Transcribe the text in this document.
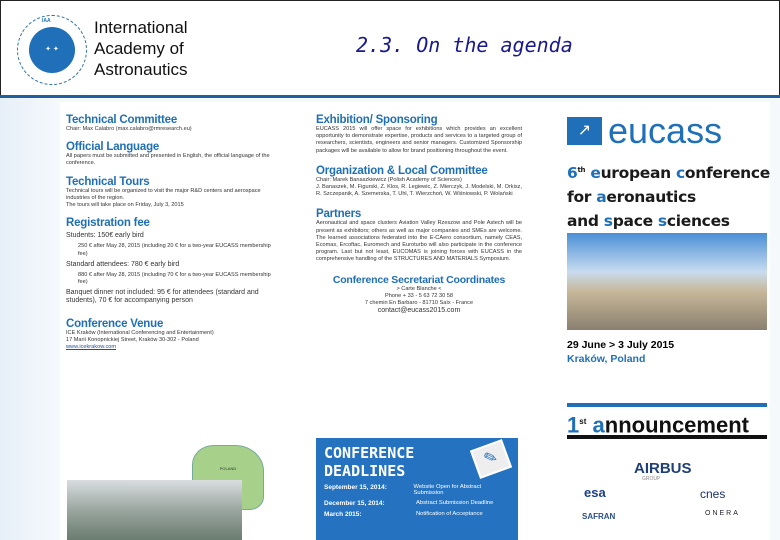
IAA
✦ ✦
International
Academy of
Astronautics
2.3. On the agenda
Technical Committee
Chair: Max Calabro (max.calabro@rmresearch.eu)
Official Language
All papers must be submitted and presented in English, the official language of the conference.
Technical Tours
Technical tours will be organized to visit the major R&D centers and aerospace industries of the region.
The tours will take place on Friday, July 3, 2015
Registration fee
Students: 150€ early bird
250 € after May 28, 2015 (including 20 € for a two-year EUCASS membership fee)
Standard attendees: 780 € early bird
880 € after May 28, 2015 (including 70 € for a two-year EUCASS membership fee)
Banquet dinner not included: 95 € for attendees (standard and students), 70 € for accompanying person
Conference Venue
ICE Kraków (International Conferencing and Entertainment)
17 Marii Konopnickiej Street, Kraków 30-302 - Poland
www.icekrakow.com
POLAND
Exhibition/ Sponsoring
EUCASS 2015 will offer space for exhibitions which provides an excellent opportunity to demonstrate expertise, products and services to a targeted group of researchers, scientists, engineers and senior managers. Customized Sponsorship packages will be available to allow for brand positioning throughout the event.
Organization & Local Committee
Chair: Marek Banaszkiewicz (Polish Academy of Sciences)
J. Banaszek, M. Figurski, Z. Klos, R. Legiewic, Z. Mierczyk, J. Modelski, M. Orkisz, R. Szczepanik, A. Szemerska, T. Uhl, T. Wierzchoń, W. Wiśniowski, P. Wolański
Partners
Aeronautical and space clusters Aviation Valley Rzeszow and Pole Astech will be present as exhibitors; others as well as major companies and SMEs are welcome. The learned associations federated into the E-CAero consortium, namely CEAS, Ecomas, Ercoftac, Euromech and Euroturbo will also participate in the conference program. Last but not least, EUCOMAS is joining forces with EUCASS in the comprehensive handling of the STRUCTURES AND MATERIALS Symposium.
Conference Secretariat Coordinates
> Carte Blanche <
Phone + 33 - 5 63 72 30 58
7 chemin En Barbaro - 81710 Saïx - France
contact@eucass2015.com
✎
CONFERENCE
DEADLINES
September 15, 2014:	Website Open for Abstract Submission
December 15, 2014:	Abstract Submission Deadline
March 2015:	Notification of Acceptance
↗ eucass
6th european conference
for aeronautics
and space sciences
29 June > 3 July 2015
Kraków, Poland
1st announcement
AIRBUS
GROUP
esa	cnes
SAFRAN	ONERA
